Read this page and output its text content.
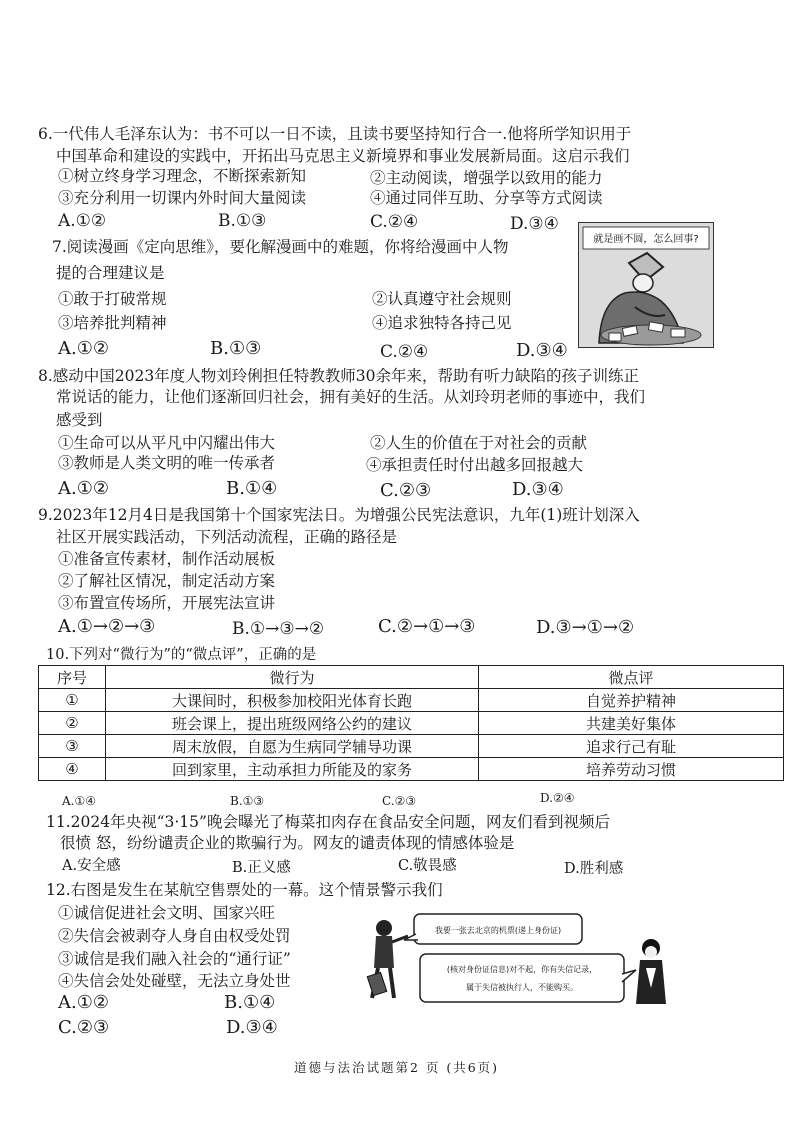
6.一代伟人毛泽东认为：书不可以一日不读，且读书要坚持知行合一.他将所学知识用于
中国革命和建设的实践中，开拓出马克思主义新境界和事业发展新局面。这启示我们
①树立终身学习理念，不断探索新知	②主动阅读，增强学以致用的能力
③充分利用一切课内外时间大量阅读	④通过同伴互助、分享等方式阅读
A.①②	B.①③	C.②④	D.③④
7.阅读漫画《定向思维》，要化解漫画中的难题，你将给漫画中人物
提的合理建议是
①敢于打破常规	②认真遵守社会规则
③培养批判精神	④追求独特各持己见
A.①②	B.①③	C.②④	D.③④
就是画不圆，怎么回事?
8.感动中国2023年度人物刘玲俐担任特教教师30余年来，帮助有听力缺陷的孩子训练正
常说话的能力，让他们逐渐回归社会，拥有美好的生活。从刘玲玥老师的事迹中，我们
感受到
①生命可以从平凡中闪耀出伟大	②人生的价值在于对社会的贡献
③教师是人类文明的唯一传承者	④承担责任时付出越多回报越大
A.①②	B.①④	C.②③	D.③④
9.2023年12月4日是我国第十个国家宪法日。为增强公民宪法意识，九年(1)班计划深入
社区开展实践活动，下列活动流程，正确的路径是
①准备宣传素材，制作活动展板
②了解社区情况，制定活动方案
③布置宣传场所，开展宪法宣讲
A.①→②→③	B.①→③→②	C.②→①→③	D.③→①→②
10.下列对“微行为”的“微点评”，正确的是
序号	微行为	微点评
①	大课间时，积极参加校阳光体育长跑	自觉养护精神
②	班会课上，提出班级网络公约的建议	共建美好集体
③	周末放假，自愿为生病同学辅导功课	追求行己有耻
④	回到家里，主动承担力所能及的家务	培养劳动习惯
A.①④	B.①③	C.②③	D.②④
11.2024年央视“3·15”晚会曝光了梅菜扣肉存在食品安全问题，网友们看到视频后
很愤 怒，纷纷谴责企业的欺骗行为。网友的谴责体现的情感体验是
A.安全感	B.正义感	C.敬畏感	D.胜利感
12.右图是发生在某航空售票处的一幕。这个情景警示我们
①诚信促进社会文明、国家兴旺
②失信会被剥夺人身自由权受处罚
③诚信是我们融入社会的“通行证”
④失信会处处碰壁，无法立身处世
A.①②	B.①④
C.②③	D.③④
我要一张去北京的机票(递上身份证)
(核对身份证信息)对不起，你有失信记录，
属于失信被执行人，不能购买。
道德与法治试题第2 页 (共6页)
